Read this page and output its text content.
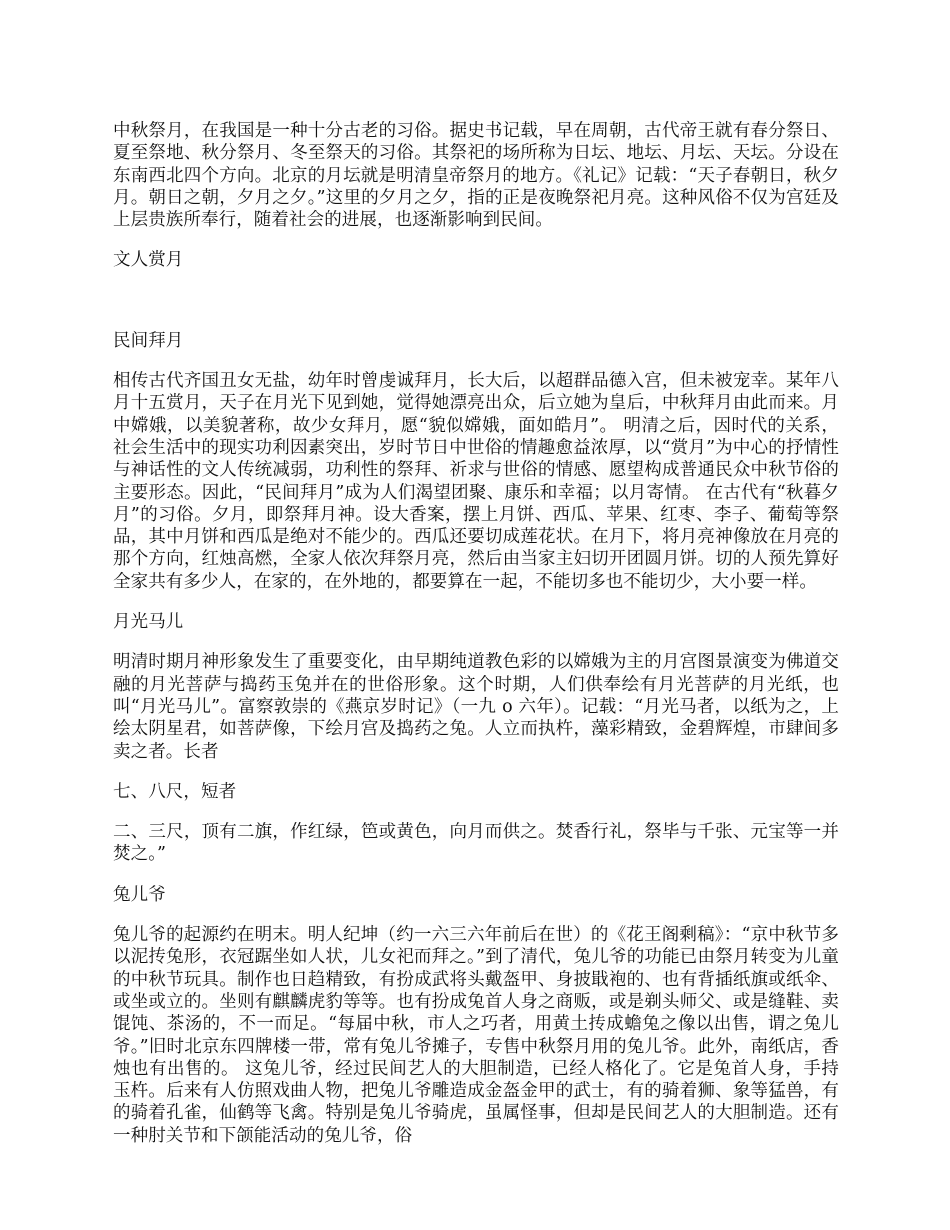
中秋祭月，在我国是一种十分古老的习俗。据史书记载，早在周朝，古代帝王就有春分祭日、夏至祭地、秋分祭月、冬至祭天的习俗。其祭祀的场所称为日坛、地坛、月坛、天坛。分设在东南西北四个方向。北京的月坛就是明清皇帝祭月的地方。《礼记》记载：“天子春朝日，秋夕月。朝日之朝，夕月之夕。”这里的夕月之夕，指的正是夜晚祭祀月亮。这种风俗不仅为宫廷及上层贵族所奉行，随着社会的进展，也逐渐影响到民间。

文人赏月

民间拜月

相传古代齐国丑女无盐，幼年时曾虔诚拜月，长大后，以超群品德入宫，但未被宠幸。某年八月十五赏月，天子在月光下见到她，觉得她漂亮出众，后立她为皇后，中秋拜月由此而来。月中嫦娥，以美貌著称，故少女拜月，愿“貌似嫦娥，面如皓月”。 明清之后，因时代的关系，社会生活中的现实功利因素突出，岁时节日中世俗的情趣愈益浓厚，以“赏月”为中心的抒情性与神话性的文人传统减弱，功利性的祭拜、祈求与世俗的情感、愿望构成普通民众中秋节俗的主要形态。因此，“民间拜月”成为人们渴望团聚、康乐和幸福；以月寄情。 在古代有“秋暮夕月”的习俗。夕月，即祭拜月神。设大香案，摆上月饼、西瓜、苹果、红枣、李子、葡萄等祭品，其中月饼和西瓜是绝对不能少的。西瓜还要切成莲花状。在月下，将月亮神像放在月亮的那个方向，红烛高燃，全家人依次拜祭月亮，然后由当家主妇切开团圆月饼。切的人预先算好全家共有多少人，在家的，在外地的，都要算在一起，不能切多也不能切少，大小要一样。

月光马儿

明清时期月神形象发生了重要变化，由早期纯道教色彩的以嫦娥为主的月宫图景演变为佛道交融的月光菩萨与捣药玉兔并在的世俗形象。这个时期，人们供奉绘有月光菩萨的月光纸，也叫“月光马儿”。富察敦崇的《燕京岁时记》（一九 o 六年）。记载：“月光马者，以纸为之，上绘太阴星君，如菩萨像，下绘月宫及捣药之兔。人立而执杵，藻彩精致，金碧辉煌，市肆间多卖之者。长者

七、八尺，短者

二、三尺，顶有二旗，作红绿，笆或黄色，向月而供之。焚香行礼，祭毕与千张、元宝等一并焚之。”

兔儿爷

兔儿爷的起源约在明末。明人纪坤（约一六三六年前后在世）的《花王阁剩稿》：“京中秋节多以泥抟兔形，衣冠踞坐如人状，儿女祀而拜之。”到了清代，兔儿爷的功能已由祭月转变为儿童的中秋节玩具。制作也日趋精致，有扮成武将头戴盔甲、身披戢袍的、也有背插纸旗或纸伞、或坐或立的。坐则有麒麟虎豹等等。也有扮成兔首人身之商贩，或是剃头师父、或是缝鞋、卖馄饨、茶汤的，不一而足。“每届中秋，市人之巧者，用黄土抟成蟾兔之像以出售，谓之兔儿爷。”旧时北京东四牌楼一带，常有兔儿爷摊子，专售中秋祭月用的兔儿爷。此外，南纸店，香烛也有出售的。 这兔儿爷，经过民间艺人的大胆制造，已经人格化了。它是兔首人身，手持玉杵。后来有人仿照戏曲人物，把兔儿爷雕造成金盔金甲的武士，有的骑着狮、象等猛兽，有的骑着孔雀，仙鹤等飞禽。特别是兔儿爷骑虎，虽属怪事，但却是民间艺人的大胆制造。还有一种肘关节和下颌能活动的兔儿爷，俗
